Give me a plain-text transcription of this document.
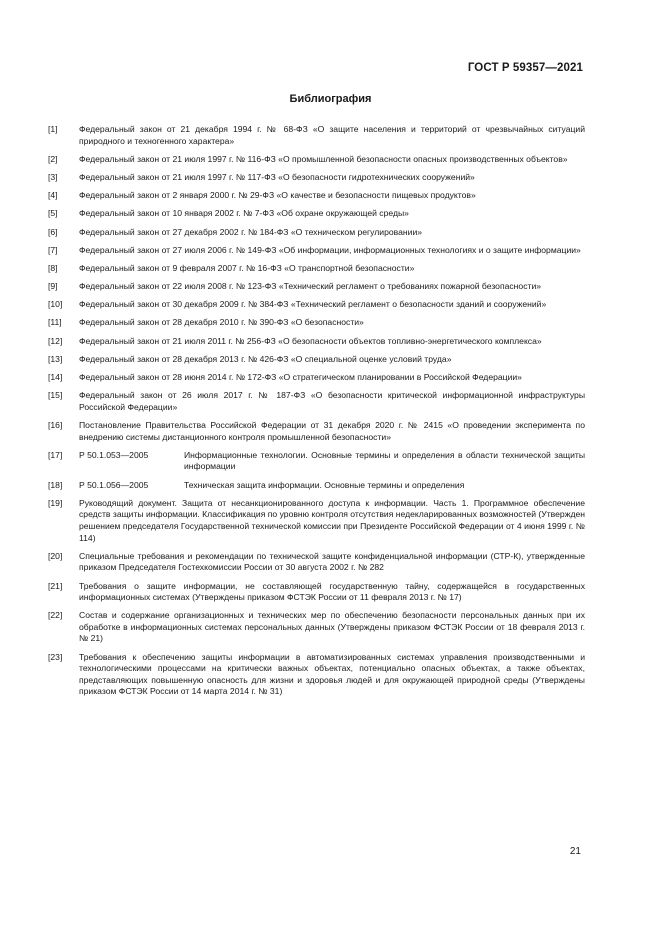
ГОСТ Р 59357—2021
Библиография
[1]	Федеральный закон от 21 декабря 1994 г. № 68-ФЗ «О защите населения и территорий от чрезвычайных ситуаций природного и техногенного характера»
[2]	Федеральный закон от 21 июля 1997 г. № 116-ФЗ «О промышленной безопасности опасных производственных объектов»
[3]	Федеральный закон от 21 июля 1997 г. № 117-ФЗ «О безопасности гидротехнических сооружений»
[4]	Федеральный закон от 2 января 2000 г. № 29-ФЗ «О качестве и безопасности пищевых продуктов»
[5]	Федеральный закон от 10 января 2002 г. № 7-ФЗ «Об охране окружающей среды»
[6]	Федеральный закон от 27 декабря 2002 г. № 184-ФЗ «О техническом регулировании»
[7]	Федеральный закон от 27 июля 2006 г. № 149-ФЗ «Об информации, информационных технологиях и о защите информации»
[8]	Федеральный закон от 9 февраля 2007 г. № 16-ФЗ «О транспортной безопасности»
[9]	Федеральный закон от 22 июля 2008 г. № 123-ФЗ «Технический регламент о требованиях пожарной безопасности»
[10]	Федеральный закон от 30 декабря 2009 г. № 384-ФЗ «Технический регламент о безопасности зданий и сооружений»
[11]	Федеральный закон от 28 декабря 2010 г. № 390-ФЗ «О безопасности»
[12]	Федеральный закон от 21 июля 2011 г. № 256-ФЗ «О безопасности объектов топливно-энергетического комплекса»
[13]	Федеральный закон от 28 декабря 2013 г. № 426-ФЗ «О специальной оценке условий труда»
[14]	Федеральный закон от 28 июня 2014 г. № 172-ФЗ «О стратегическом планировании в Российской Федерации»
[15]	Федеральный закон от 26 июля 2017 г. № 187-ФЗ «О безопасности критической информационной инфраструктуры Российской Федерации»
[16]	Постановление Правительства Российской Федерации от 31 декабря 2020 г. № 2415 «О проведении эксперимента по внедрению системы дистанционного контроля промышленной безопасности»
[17]	Р 50.1.053—2005	Информационные технологии. Основные термины и определения в области технической защиты информации
[18]	Р 50.1.056—2005	Техническая защита информации. Основные термины и определения
[19]	Руководящий документ. Защита от несанкционированного доступа к информации. Часть 1. Программное обеспечение средств защиты информации. Классификация по уровню контроля отсутствия недекларированных возможностей (Утвержден решением председателя Государственной технической комиссии при Президенте Российской Федерации от 4 июня 1999 г. № 114)
[20]	Специальные требования и рекомендации по технической защите конфиденциальной информации (СТР-К), утвержденные приказом Председателя Гостехкомиссии России от 30 августа 2002 г. № 282
[21]	Требования о защите информации, не составляющей государственную тайну, содержащейся в государственных информационных системах (Утверждены приказом ФСТЭК России от 11 февраля 2013 г. № 17)
[22]	Состав и содержание организационных и технических мер по обеспечению безопасности персональных данных при их обработке в информационных системах персональных данных (Утверждены приказом ФСТЭК России от 18 февраля 2013 г. № 21)
[23]	Требования к обеспечению защиты информации в автоматизированных системах управления производственными и технологическими процессами на критически важных объектах, потенциально опасных объектах, а также объектах, представляющих повышенную опасность для жизни и здоровья людей и для окружающей природной среды (Утверждены приказом ФСТЭК России от 14 марта 2014 г. № 31)
21
